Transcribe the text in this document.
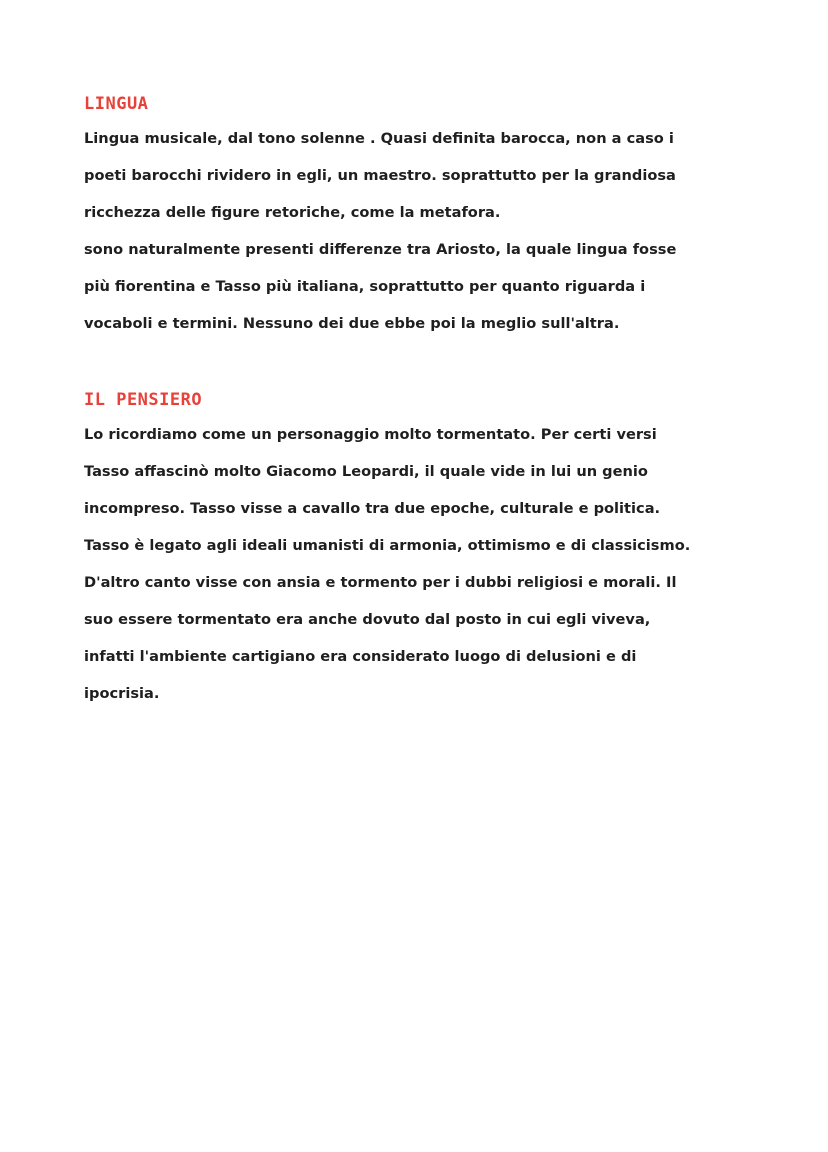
LINGUA

Lingua musicale, dal tono solenne . Quasi definita barocca, non a caso i

poeti barocchi rividero in egli, un maestro. soprattutto per la grandiosa

ricchezza delle figure retoriche, come la metafora.

sono naturalmente presenti differenze tra Ariosto, la quale lingua fosse

più fiorentina e Tasso più italiana, soprattutto per quanto riguarda i

vocaboli e termini. Nessuno dei due ebbe poi la meglio sull'altra.

IL PENSIERO

Lo ricordiamo come un personaggio molto tormentato. Per certi versi

Tasso affascinò molto Giacomo Leopardi, il quale vide in lui un genio

incompreso. Tasso visse a cavallo tra due epoche, culturale e politica.

Tasso è legato agli ideali umanisti di armonia, ottimismo e di classicismo.

D'altro canto visse con ansia e tormento per i dubbi religiosi e morali. Il

suo essere tormentato era anche dovuto dal posto in cui egli viveva,

infatti l'ambiente cartigiano era considerato luogo di delusioni e di

ipocrisia.
